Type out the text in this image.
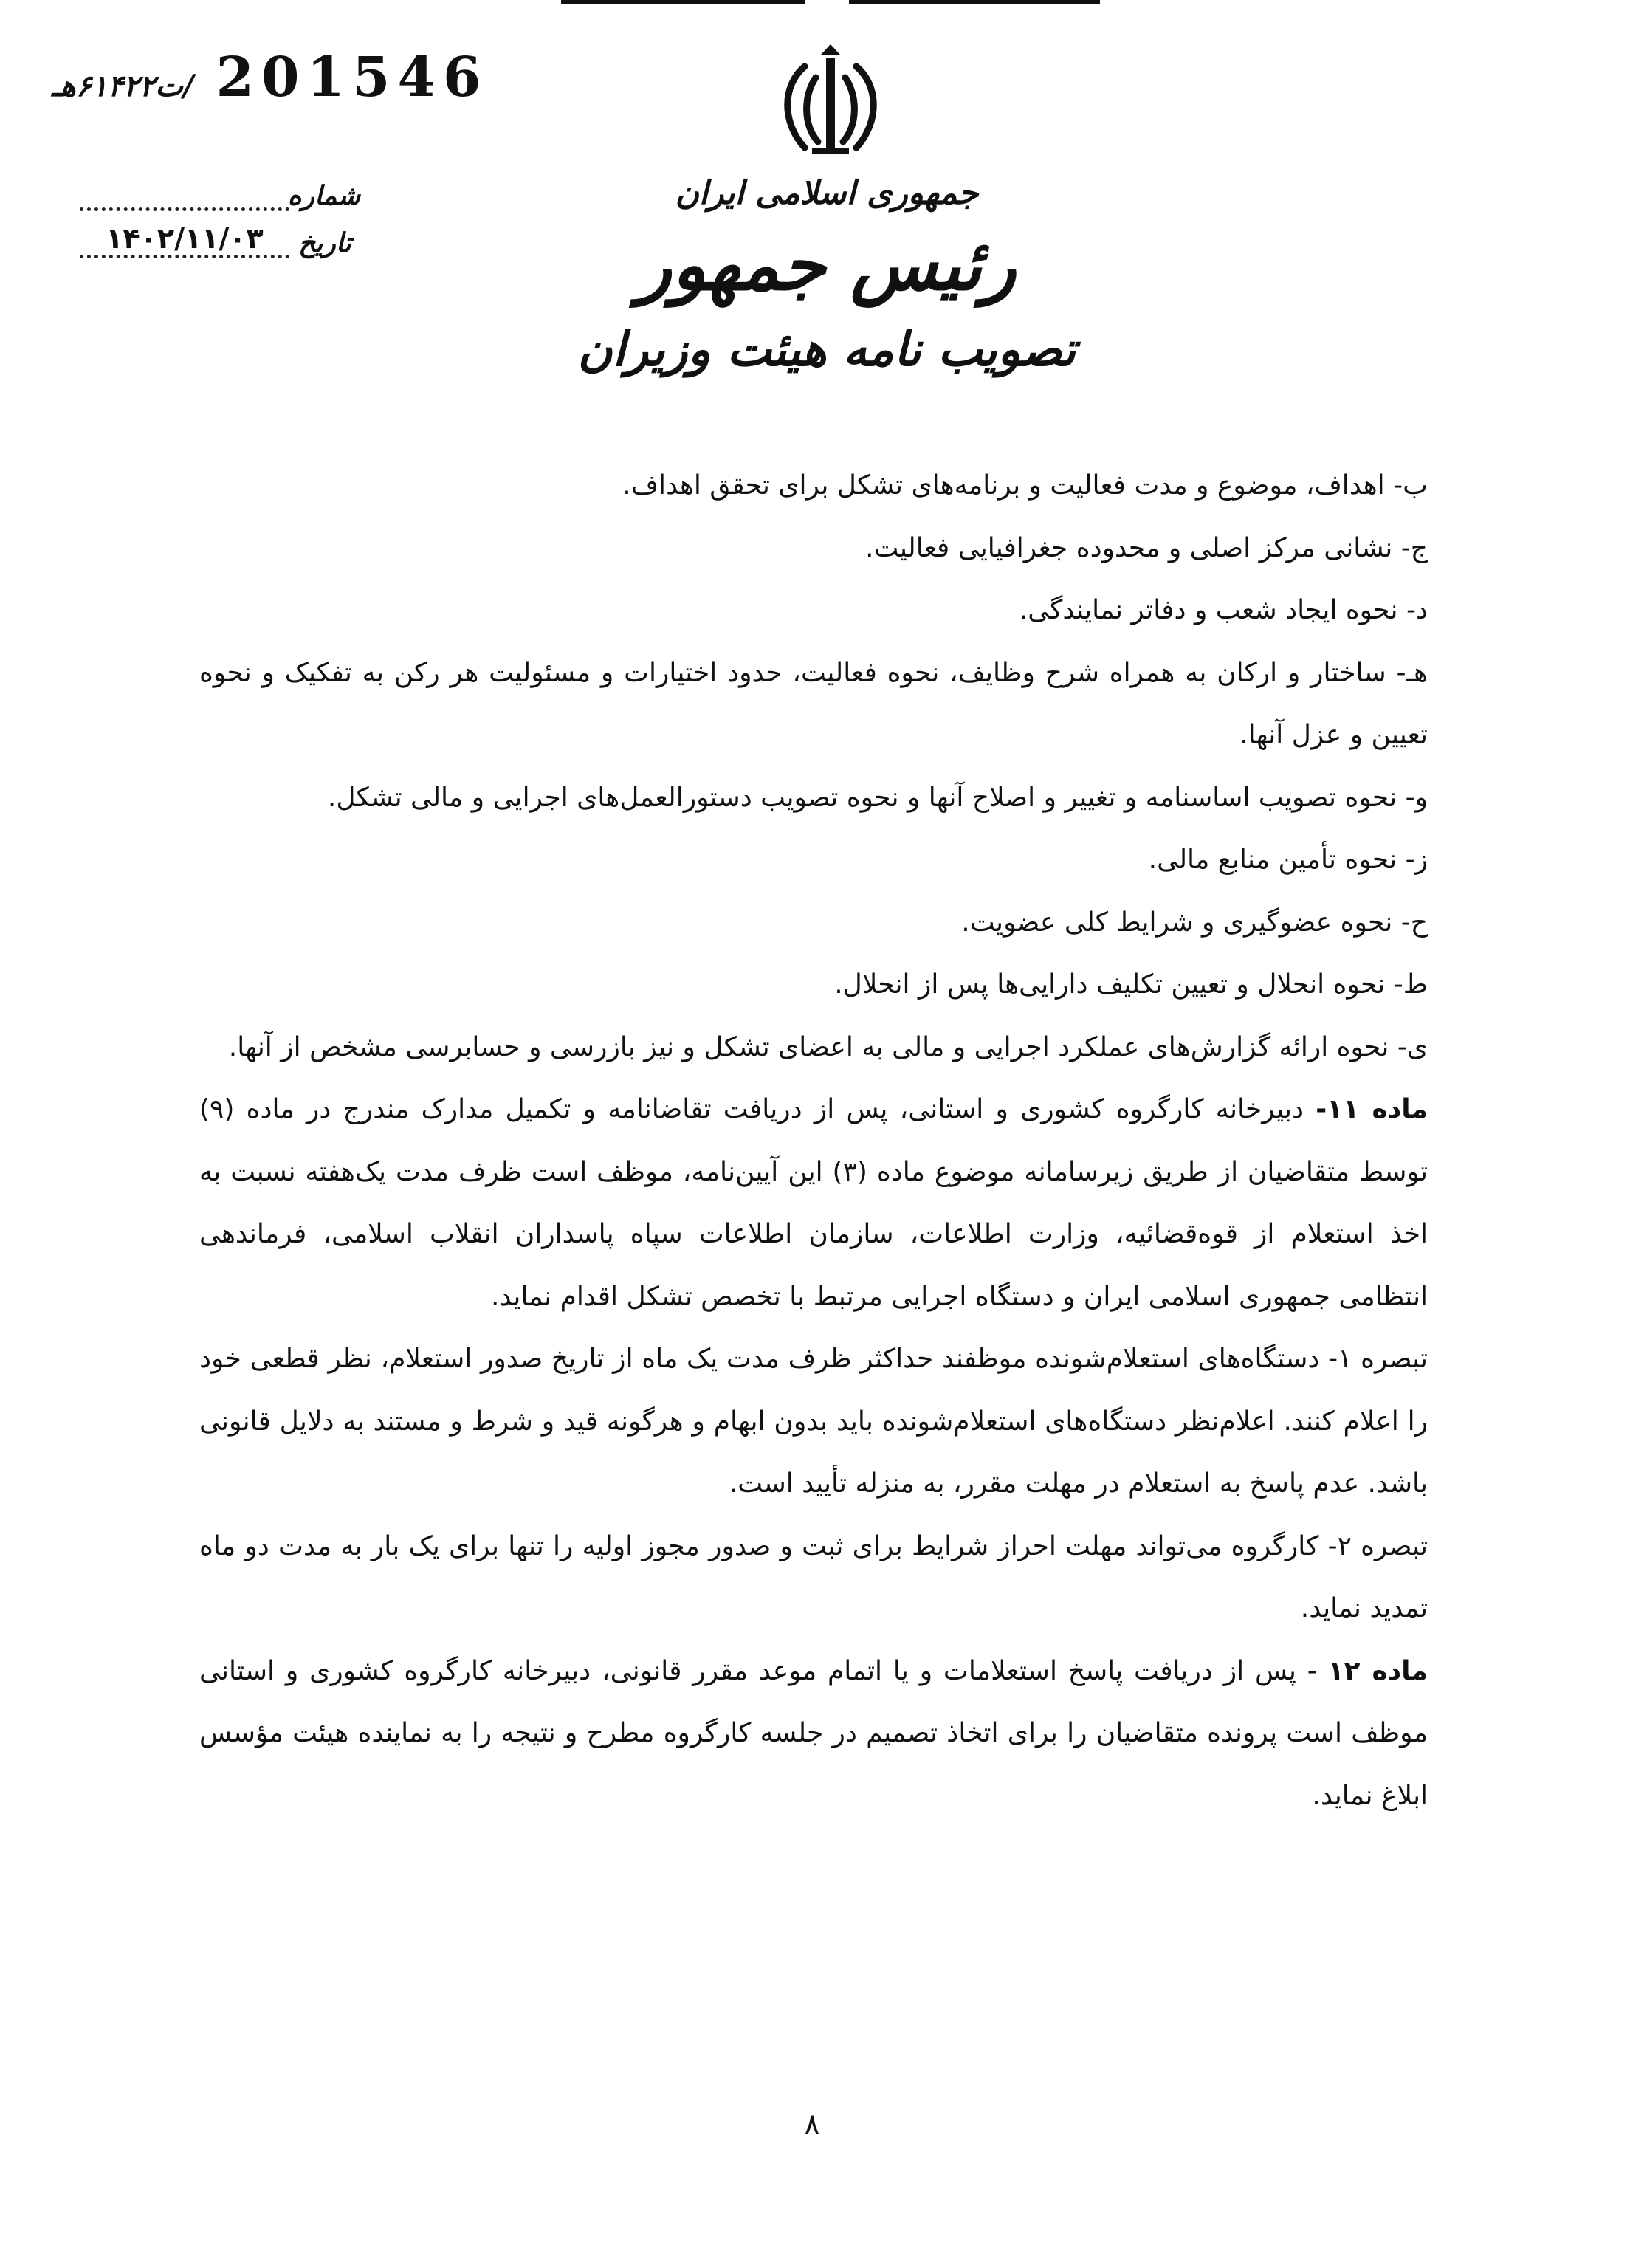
201546
/ت۶۱۴۲۲هـ
شماره
تاریخ
۱۴۰۲/۱۱/۰۳

جمهوری اسلامی ایران

رئیس جمهور

تصویب نامه هیئت وزیران

ب- اهداف، موضوع و مدت فعالیت و برنامه‌های تشکل برای تحقق اهداف.

ج- نشانی مرکز اصلی و محدوده جغرافیایی فعالیت.

د- نحوه ایجاد شعب و دفاتر نمایندگی.

هـ- ساختار و ارکان به همراه شرح وظایف، نحوه فعالیت، حدود اختیارات و مسئولیت هر رکن به تفکیک و نحوه تعیین و عزل آنها.

و- نحوه تصویب اساسنامه و تغییر و اصلاح آنها و نحوه تصویب دستورالعمل‌های اجرایی و مالی تشکل.

ز- نحوه تأمین منابع مالی.

ح- نحوه عضوگیری و شرایط کلی عضویت.

ط- نحوه انحلال و تعیین تکلیف دارایی‌ها پس از انحلال.

ی- نحوه ارائه گزارش‌های عملکرد اجرایی و مالی به اعضای تشکل و نیز بازرسی و حسابرسی مشخص از آنها.

ماده ۱۱- دبیرخانه کارگروه کشوری و استانی، پس از دریافت تقاضانامه و تکمیل مدارک مندرج در ماده (۹) توسط متقاضیان از طریق زیرسامانه موضوع ماده (۳) این آیین‌نامه، موظف است ظرف مدت یک‌هفته نسبت به اخذ استعلام از قوه‌قضائیه، وزارت اطلاعات، سازمان اطلاعات سپاه پاسداران انقلاب اسلامی، فرماندهی انتظامی جمهوری اسلامی ایران و دستگاه اجرایی مرتبط با تخصص تشکل اقدام نماید.

تبصره ۱- دستگاه‌های استعلام‌شونده موظفند حداکثر ظرف مدت یک ماه از تاریخ صدور استعلام، نظر قطعی خود را اعلام کنند. اعلام‌نظر دستگاه‌های استعلام‌شونده باید بدون ابهام و هرگونه قید و شرط و مستند به دلایل قانونی باشد. عدم پاسخ به استعلام در مهلت مقرر، به منزله تأیید است.

تبصره ۲- کارگروه می‌تواند مهلت احراز شرایط برای ثبت و صدور مجوز اولیه را تنها برای یک بار به مدت دو ماه تمدید نماید.

ماده ۱۲ - پس از دریافت پاسخ استعلامات و یا اتمام موعد مقرر قانونی، دبیرخانه کارگروه کشوری و استانی موظف است پرونده متقاضیان را برای اتخاذ تصمیم در جلسه کارگروه مطرح و نتیجه را به نماینده هیئت مؤسس ابلاغ نماید.

۸
